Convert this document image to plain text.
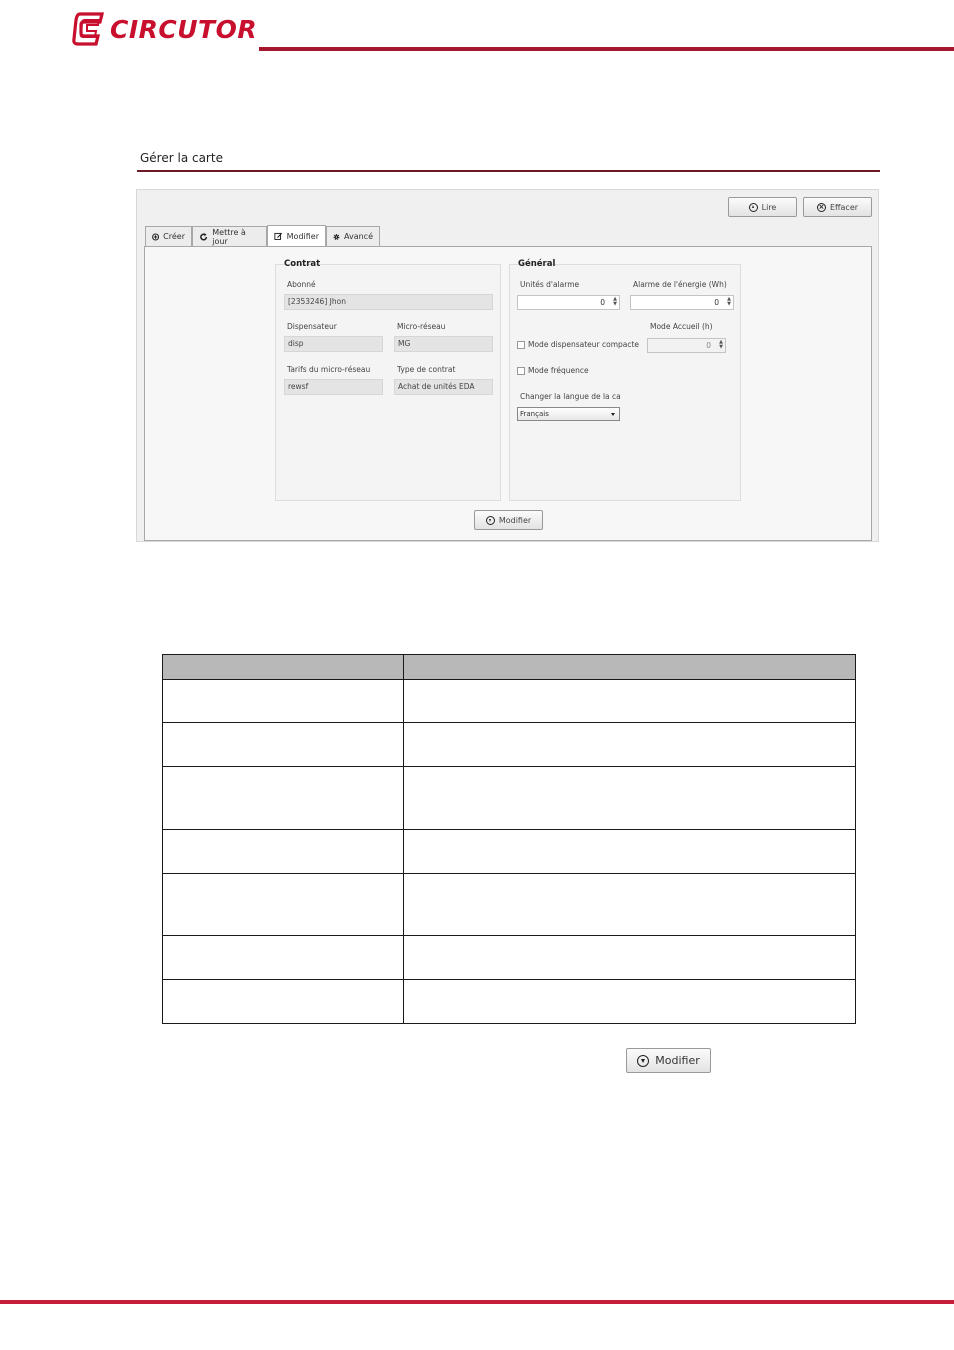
CIRCUTOR
Gérer la carte
Lire	× Effacer
Créer	Mettre à jour
Modifier	Avancé
Contrat
Abonné
[2353246] Jhon
Dispensateur
disp
Micro-réseau
MG
Tarifs du micro-réseau
rewsf
Type de contrat
Achat de unités EDA
Général
Unités d'alarme
0 ▲
▼
Alarme de l'énergie (Wh)
0 ▲
▼
Mode Accueil (h)
Mode dispensateur compacte	0 ▲
▼
Mode fréquence
Changer la langue de la ca
Français
Modifier

Modifier
